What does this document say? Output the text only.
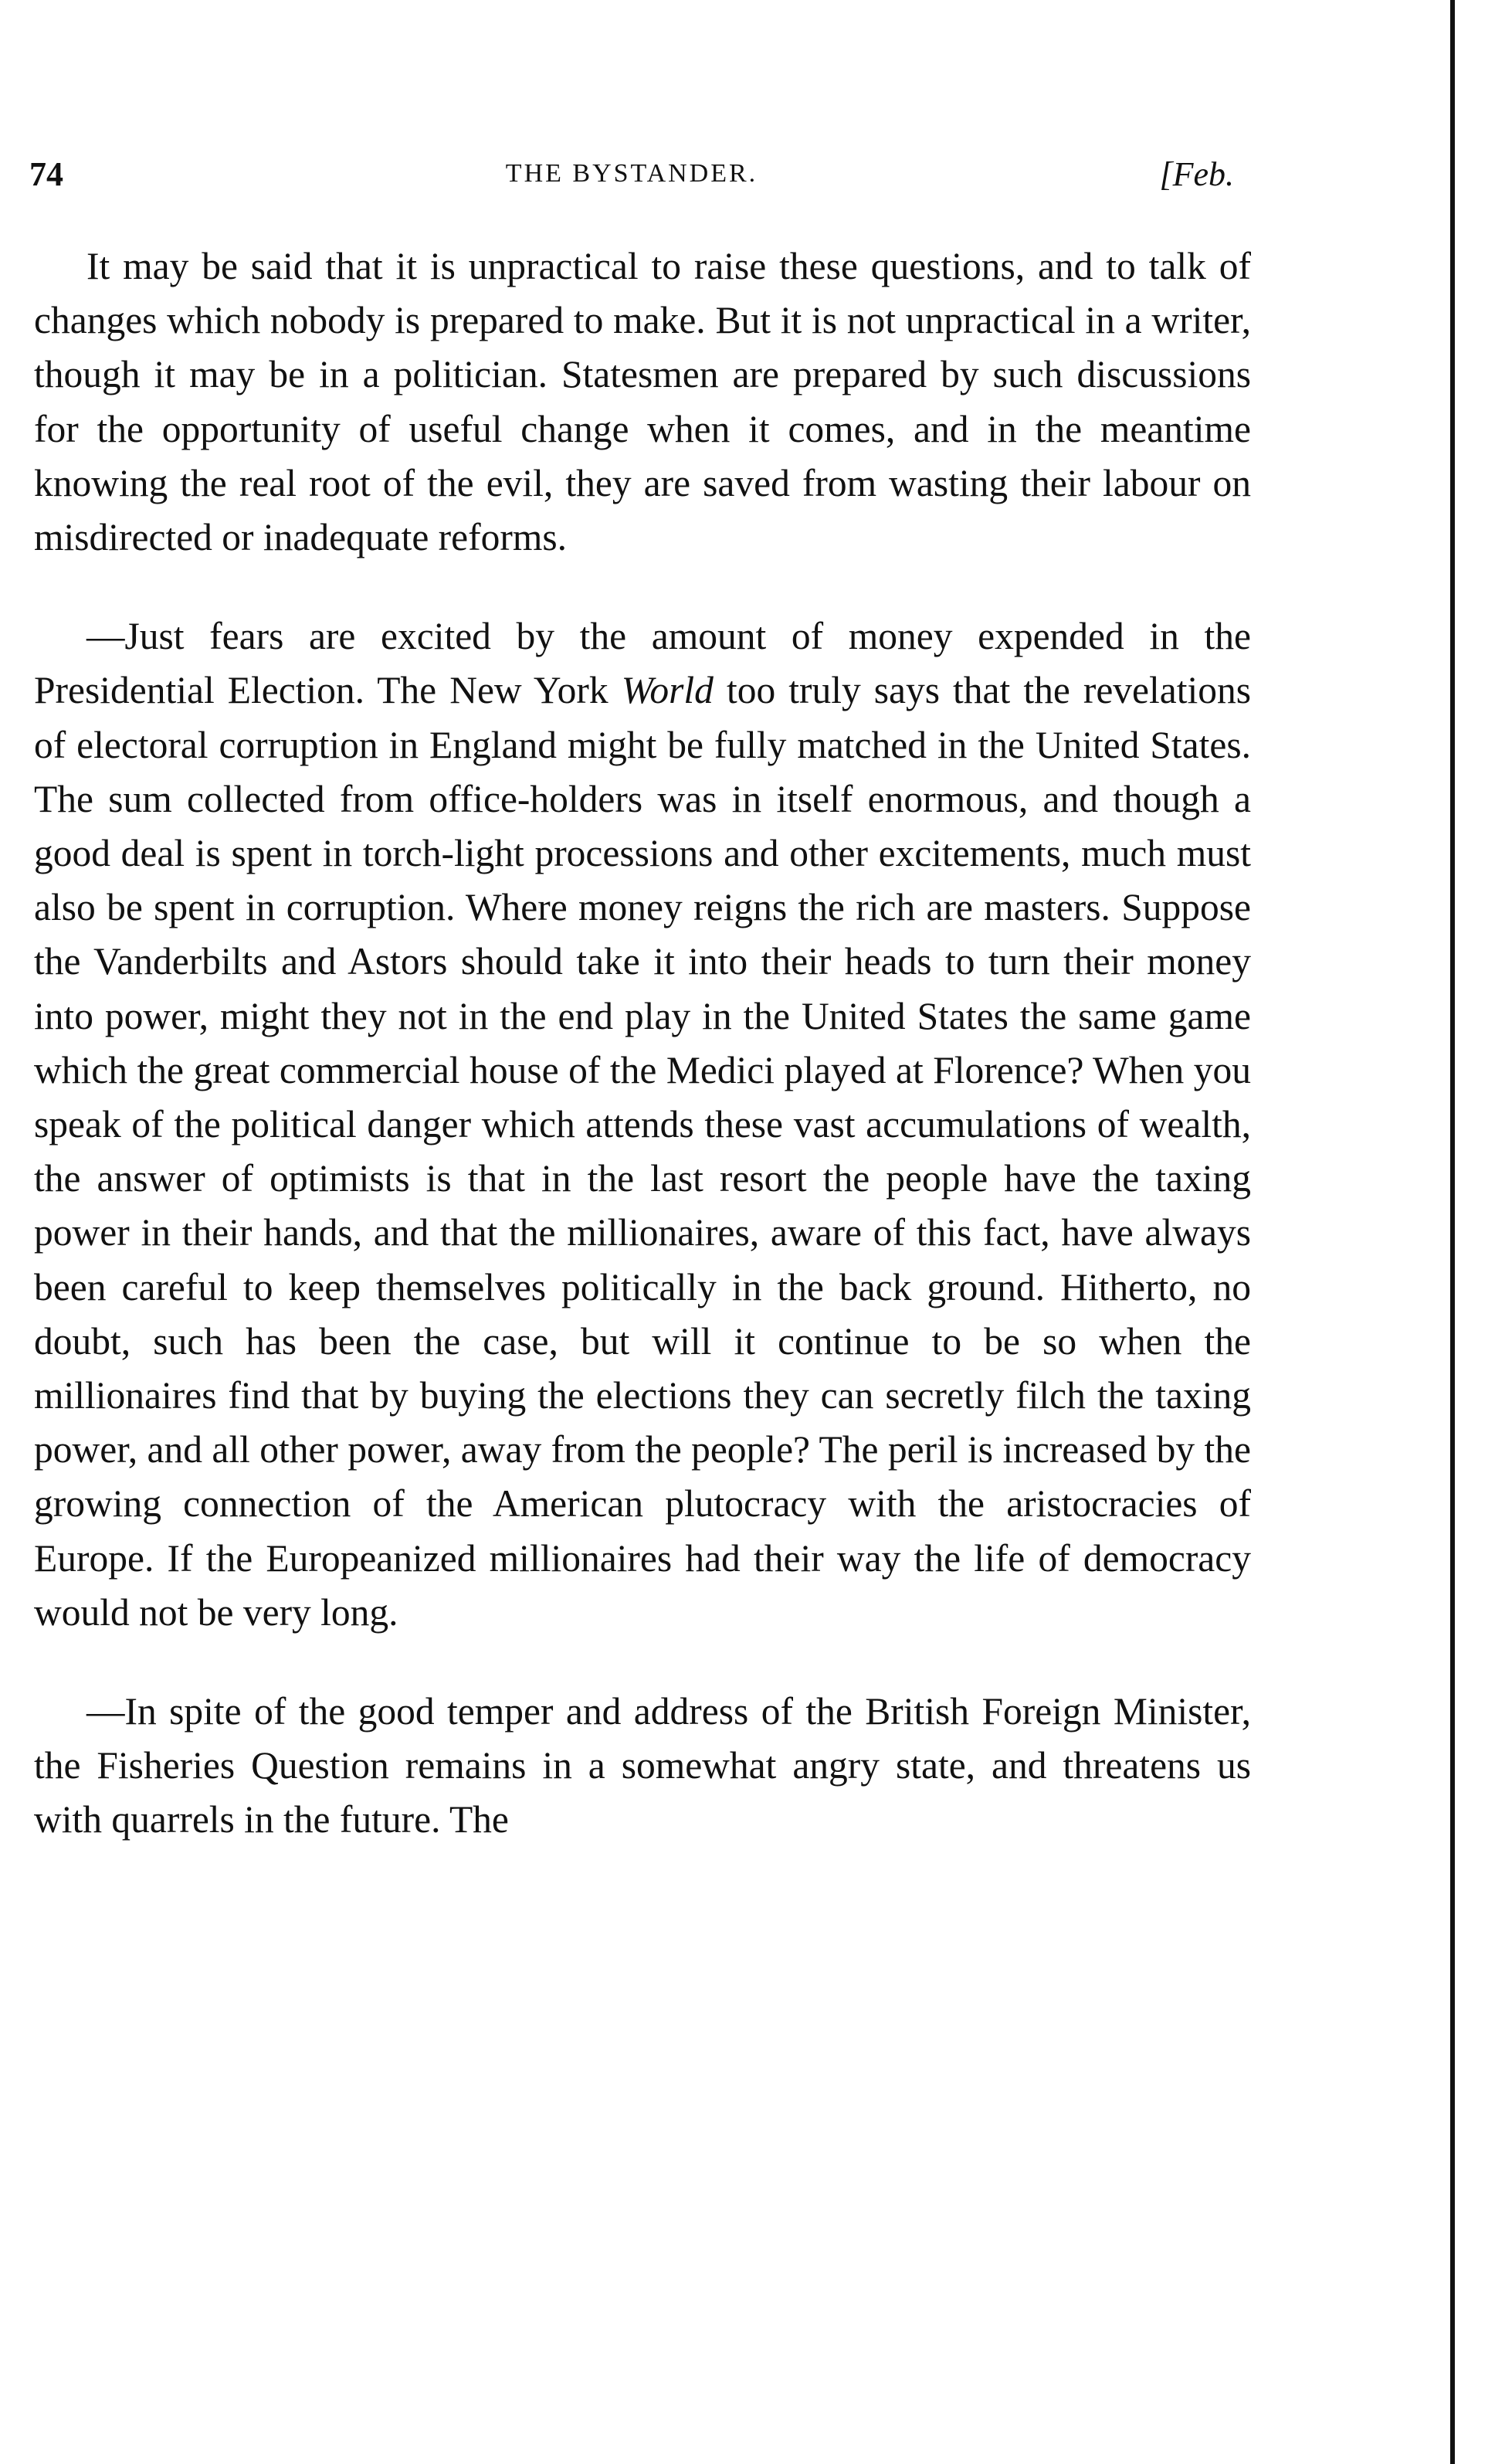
74	THE BYSTANDER.	[Feb.

It may be said that it is unpractical to raise these questions, and to talk of changes which nobody is prepared to make. But it is not unpractical in a writer, though it may be in a politician. Statesmen are prepared by such discussions for the opportunity of useful change when it comes, and in the meantime knowing the real root of the evil, they are saved from wasting their labour on misdirected or inadequate reforms.

—Just fears are excited by the amount of money expended in the Presidential Election. The New York World too truly says that the revelations of electoral corruption in England might be fully matched in the United States. The sum collected from office-holders was in itself enormous, and though a good deal is spent in torch-light processions and other excitements, much must also be spent in corruption. Where money reigns the rich are masters. Suppose the Vanderbilts and Astors should take it into their heads to turn their money into power, might they not in the end play in the United States the same game which the great commercial house of the Medici played at Florence? When you speak of the political danger which attends these vast accumulations of wealth, the answer of optimists is that in the last resort the people have the taxing power in their hands, and that the millionaires, aware of this fact, have always been careful to keep themselves politically in the back ground. Hitherto, no doubt, such has been the case, but will it continue to be so when the millionaires find that by buying the elections they can secretly filch the taxing power, and all other power, away from the people? The peril is increased by the growing connection of the American plutocracy with the aristocracies of Europe. If the Europeanized millionaires had their way the life of democracy would not be very long.

—In spite of the good temper and address of the British Foreign Minister, the Fisheries Question remains in a somewhat angry state, and threatens us with quarrels in the future. The
